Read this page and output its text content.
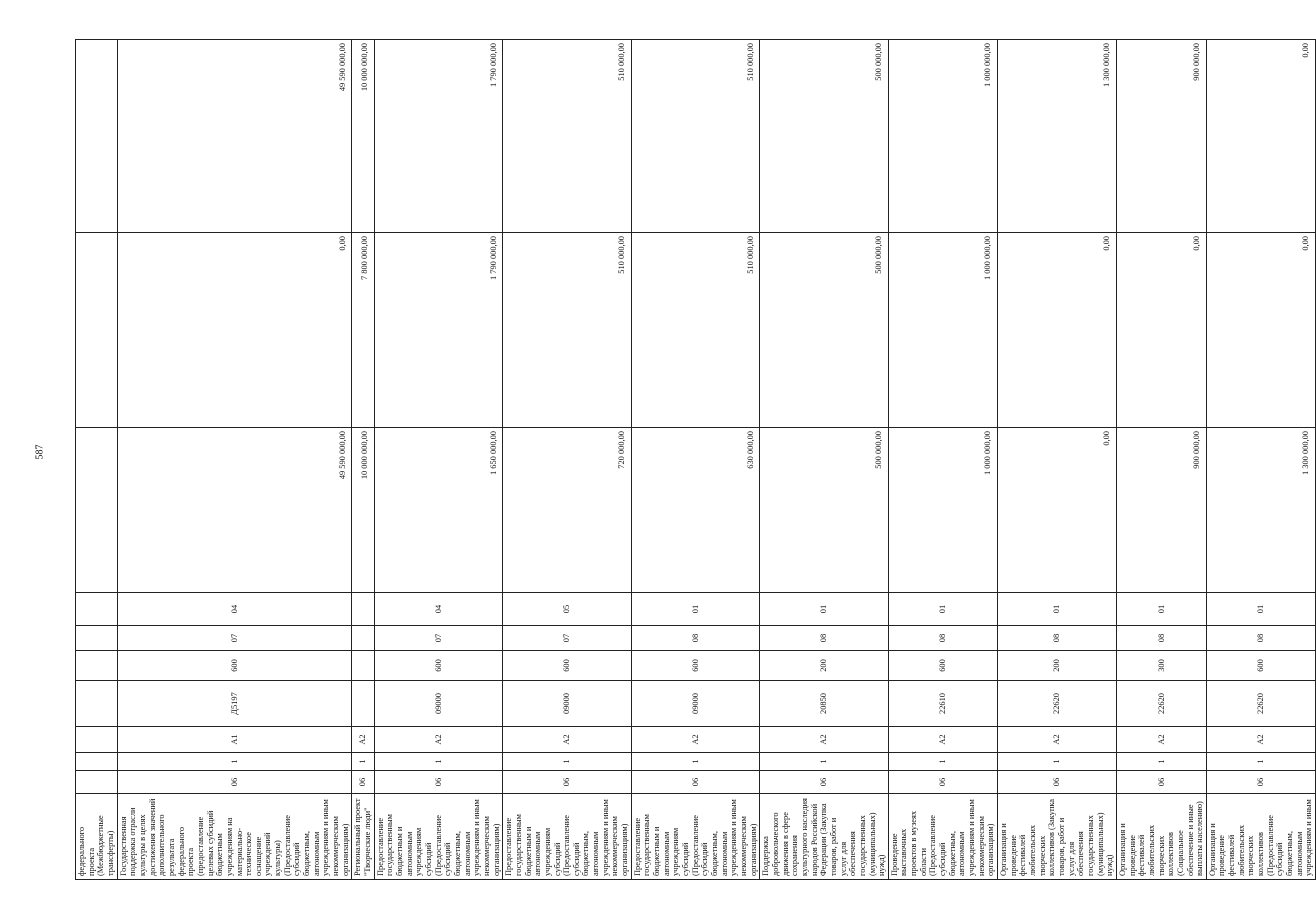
587
федерального проекта (Межбюджетные трансферты)										
Государственная поддержка отрасли культуры в целях достижения значений дополнительного результата федерального проекта (предоставление целевых субсидий бюджетным учреждениям на материально-техническое оснащение учреждений культуры) (Предоставление субсидий бюджетным, автономным учреждениям и иным некоммерческим организациям)	06	1	A1	Д5197	600	07	04	49 590 000,00	0,00	49 590 000,00
Региональный проект "Творческие люди"	06	1	A2					10 000 000,00	7 800 000,00	10 000 000,00
Предоставление государственным бюджетным и автономным учреждениям субсидий (Предоставление субсидий бюджетным, автономным учреждениям и иным некоммерческим организациям)	06	1	A2	09000	600	07	04	1 650 000,00	1 790 000,00	1 790 000,00
Предоставление государственным бюджетным и автономным учреждениям субсидий (Предоставление субсидий бюджетным, автономным учреждениям и иным некоммерческим организациям)	06	1	A2	09000	600	07	05	720 000,00	510 000,00	510 000,00
Предоставление государственным бюджетным и автономным учреждениям субсидий (Предоставление субсидий бюджетным, автономным учреждениям и иным некоммерческим организациям)	06	1	A2	09000	600	08	01	630 000,00	510 000,00	510 000,00
Поддержка добровольческого движения в сфере сохранения культурного наследия народов Российской Федерации (Закупка товаров, работ и услуг для обеспечения государственных (муниципальных) нужд)	06	1	A2	20850	200	08	01	500 000,00	500 000,00	500 000,00
Проведение выставочных проектов в музеях области (Предоставление субсидий бюджетным, автономным учреждениям и иным некоммерческим организациям)	06	1	A2	22610	600	08	01	1 000 000,00	1 000 000,00	1 000 000,00
Организация и проведение фестивалей любительских творческих коллективов (Закупка товаров, работ и услуг для обеспечения государственных (муниципальных) нужд)	06	1	A2	22620	200	08	01	0,00	0,00	1 300 000,00
Организация и проведение фестивалей любительских творческих коллективов (Социальное обеспечение и иные выплаты населению)	06	1	A2	22620	300	08	01	900 000,00	0,00	900 000,00
Организация и проведение фестивалей любительских творческих коллективов (Предоставление субсидий бюджетным, автономным учреждениям и иным	06	1	A2	22620	600	08	01	1 300 000,00	0,00	0,00
